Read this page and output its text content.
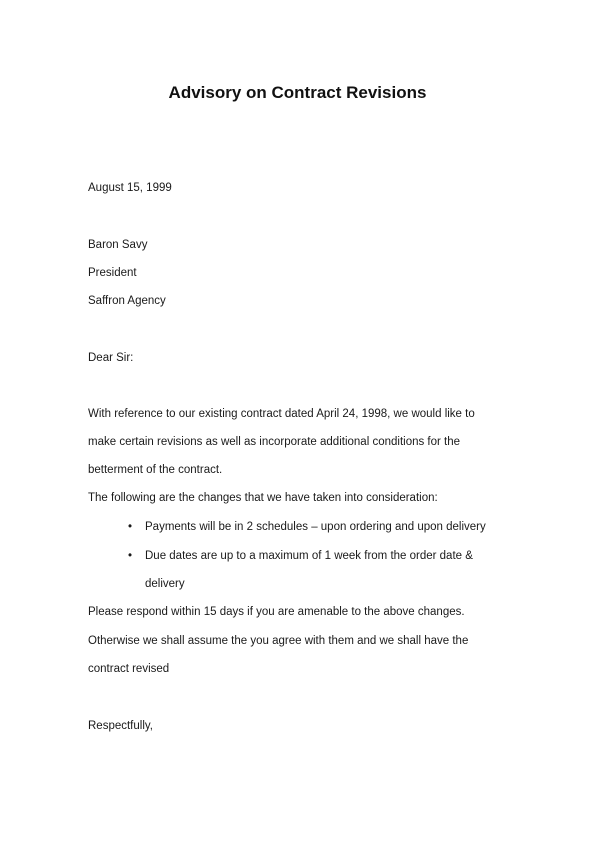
Advisory on Contract Revisions
August 15, 1999
Baron Savy
President
Saffron Agency
Dear Sir:
With reference to our existing contract dated April 24, 1998, we would like to
make certain revisions as well as incorporate additional conditions for the
betterment of the contract.
The following are the changes that we have taken into consideration:
• Payments will be in 2 schedules – upon ordering and upon delivery
• Due dates are up to a maximum of 1 week from the order date &
delivery
Please respond within 15 days if you are amenable to the above changes.
Otherwise we shall assume the you agree with them and we shall have the
contract revised
Respectfully,
